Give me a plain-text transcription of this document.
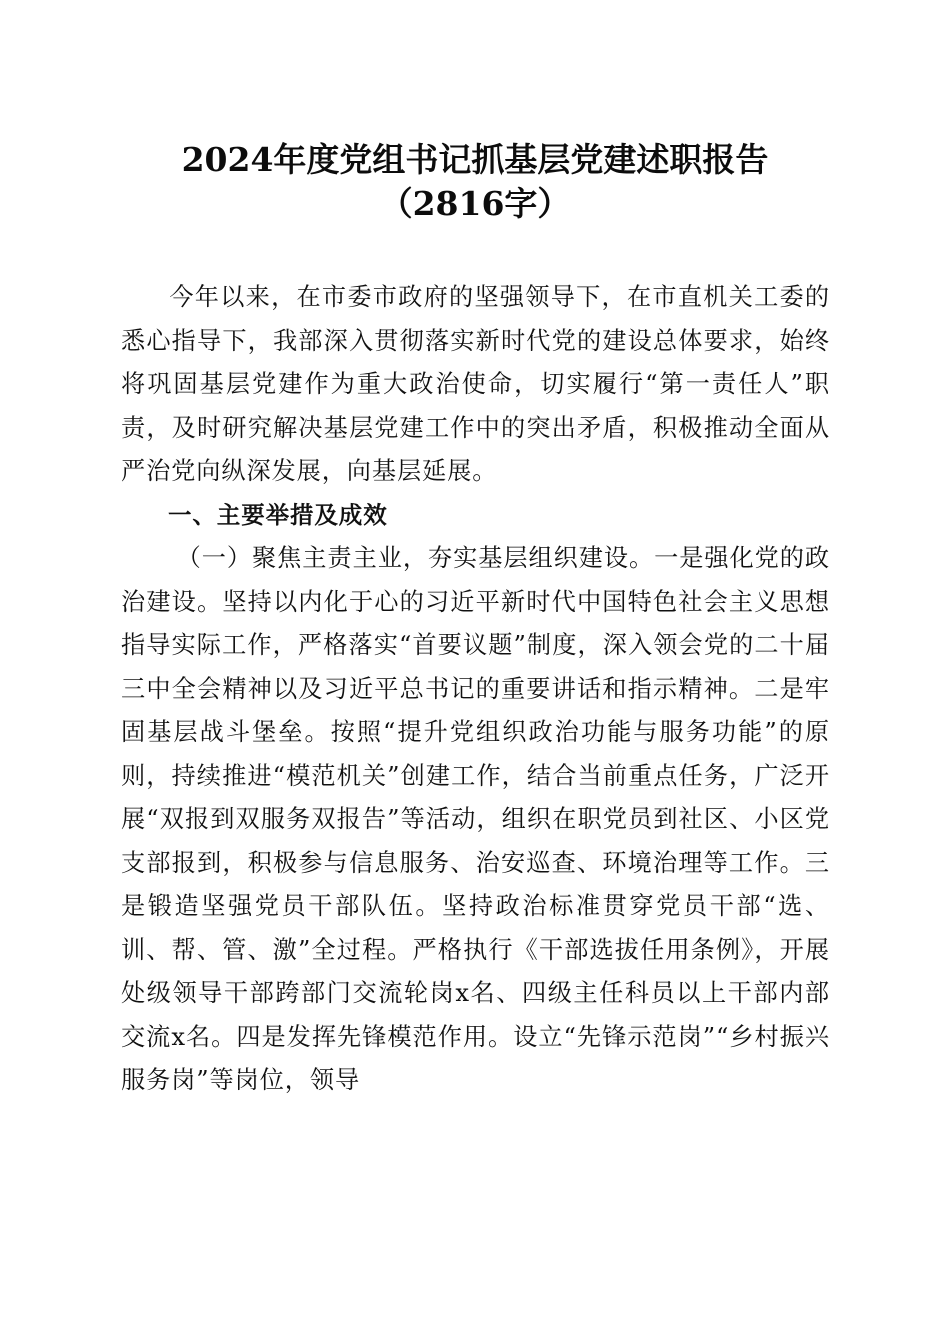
2024年度党组书记抓基层党建述职报告
（2816字）

今年以来，在市委市政府的坚强领导下，在市直机关工委的悉心指导下，我部深入贯彻落实新时代党的建设总体要求，始终将巩固基层党建作为重大政治使命，切实履行“第一责任人”职责，及时研究解决基层党建工作中的突出矛盾，积极推动全面从严治党向纵深发展，向基层延展。

一、主要举措及成效

（一）聚焦主责主业，夯实基层组织建设。一是强化党的政治建设。坚持以内化于心的习近平新时代中国特色社会主义思想指导实际工作，严格落实“首要议题”制度，深入领会党的二十届三中全会精神以及习近平总书记的重要讲话和指示精神。二是牢固基层战斗堡垒。按照“提升党组织政治功能与服务功能”的原则，持续推进“模范机关”创建工作，结合当前重点任务，广泛开展“双报到双服务双报告”等活动，组织在职党员到社区、小区党支部报到，积极参与信息服务、治安巡查、环境治理等工作。三是锻造坚强党员干部队伍。坚持政治标准贯穿党员干部“选、训、帮、管、激”全过程。严格执行《干部选拔任用条例》，开展处级领导干部跨部门交流轮岗x名、四级主任科员以上干部内部交流x名。四是发挥先锋模范作用。设立“先锋示范岗”“乡村振兴服务岗”等岗位，领导
